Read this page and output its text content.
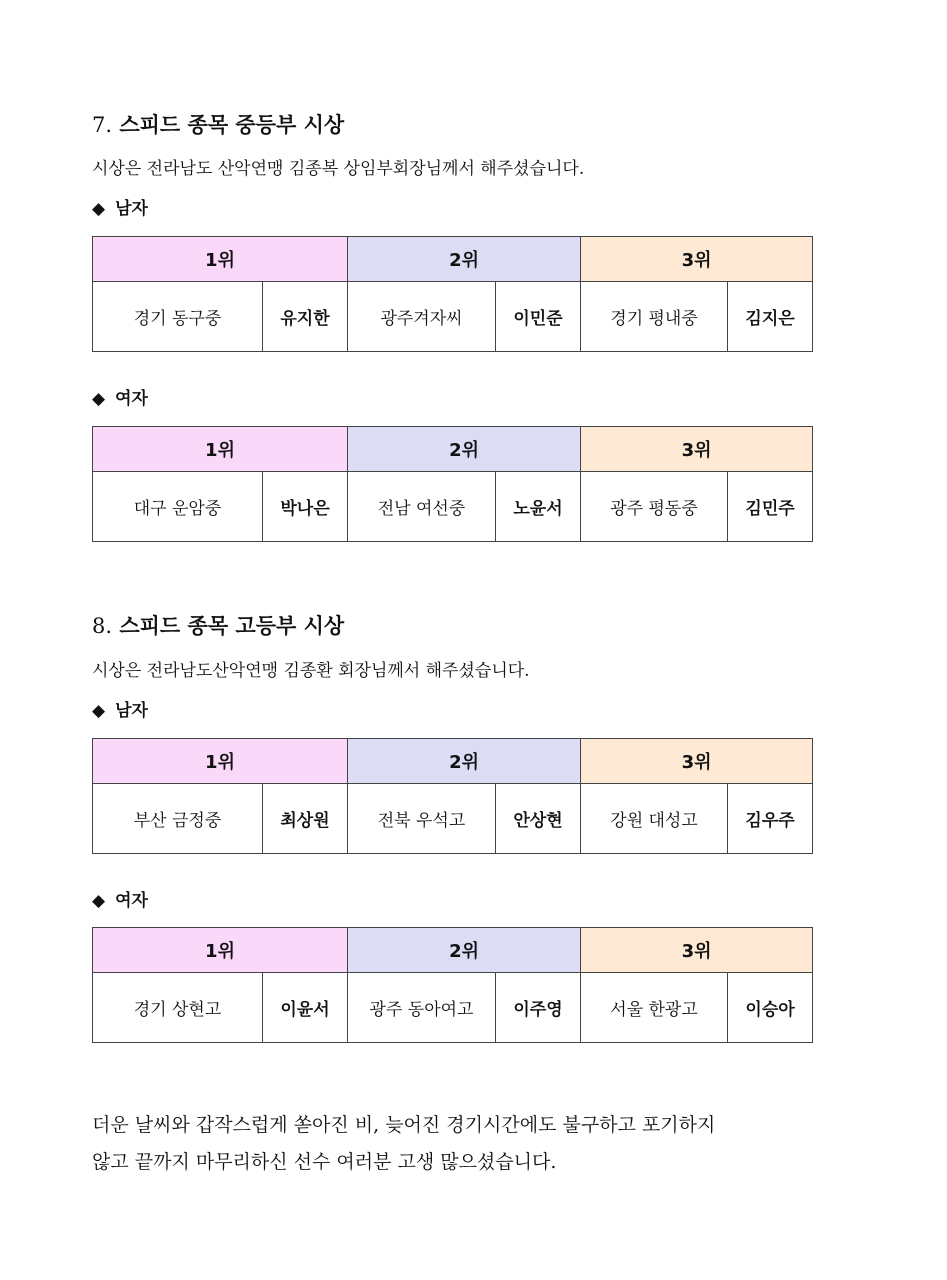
7. 스피드 종목 중등부 시상

시상은 전라남도 산악연맹 김종복 상임부회장님께서 해주셨습니다.

◆ 남자
1위		2위		3위	
경기 동구중	유지한	광주겨자씨	이민준	경기 평내중	김지은
◆ 여자
1위		2위		3위	
대구 운암중	박나은	전남 여선중	노윤서	광주 평동중	김민주
8. 스피드 종목 고등부 시상

시상은 전라남도산악연맹 김종환 회장님께서 해주셨습니다.

◆ 남자
1위		2위		3위	
부산 금정중	최상원	전북 우석고	안상현	강원 대성고	김우주
◆ 여자
1위		2위		3위	
경기 상현고	이윤서	광주 동아여고	이주영	서울 한광고	이승아
더운 날씨와 갑작스럽게 쏟아진 비, 늦어진 경기시간에도 불구하고 포기하지
않고 끝까지 마무리하신 선수 여러분 고생 많으셨습니다.
